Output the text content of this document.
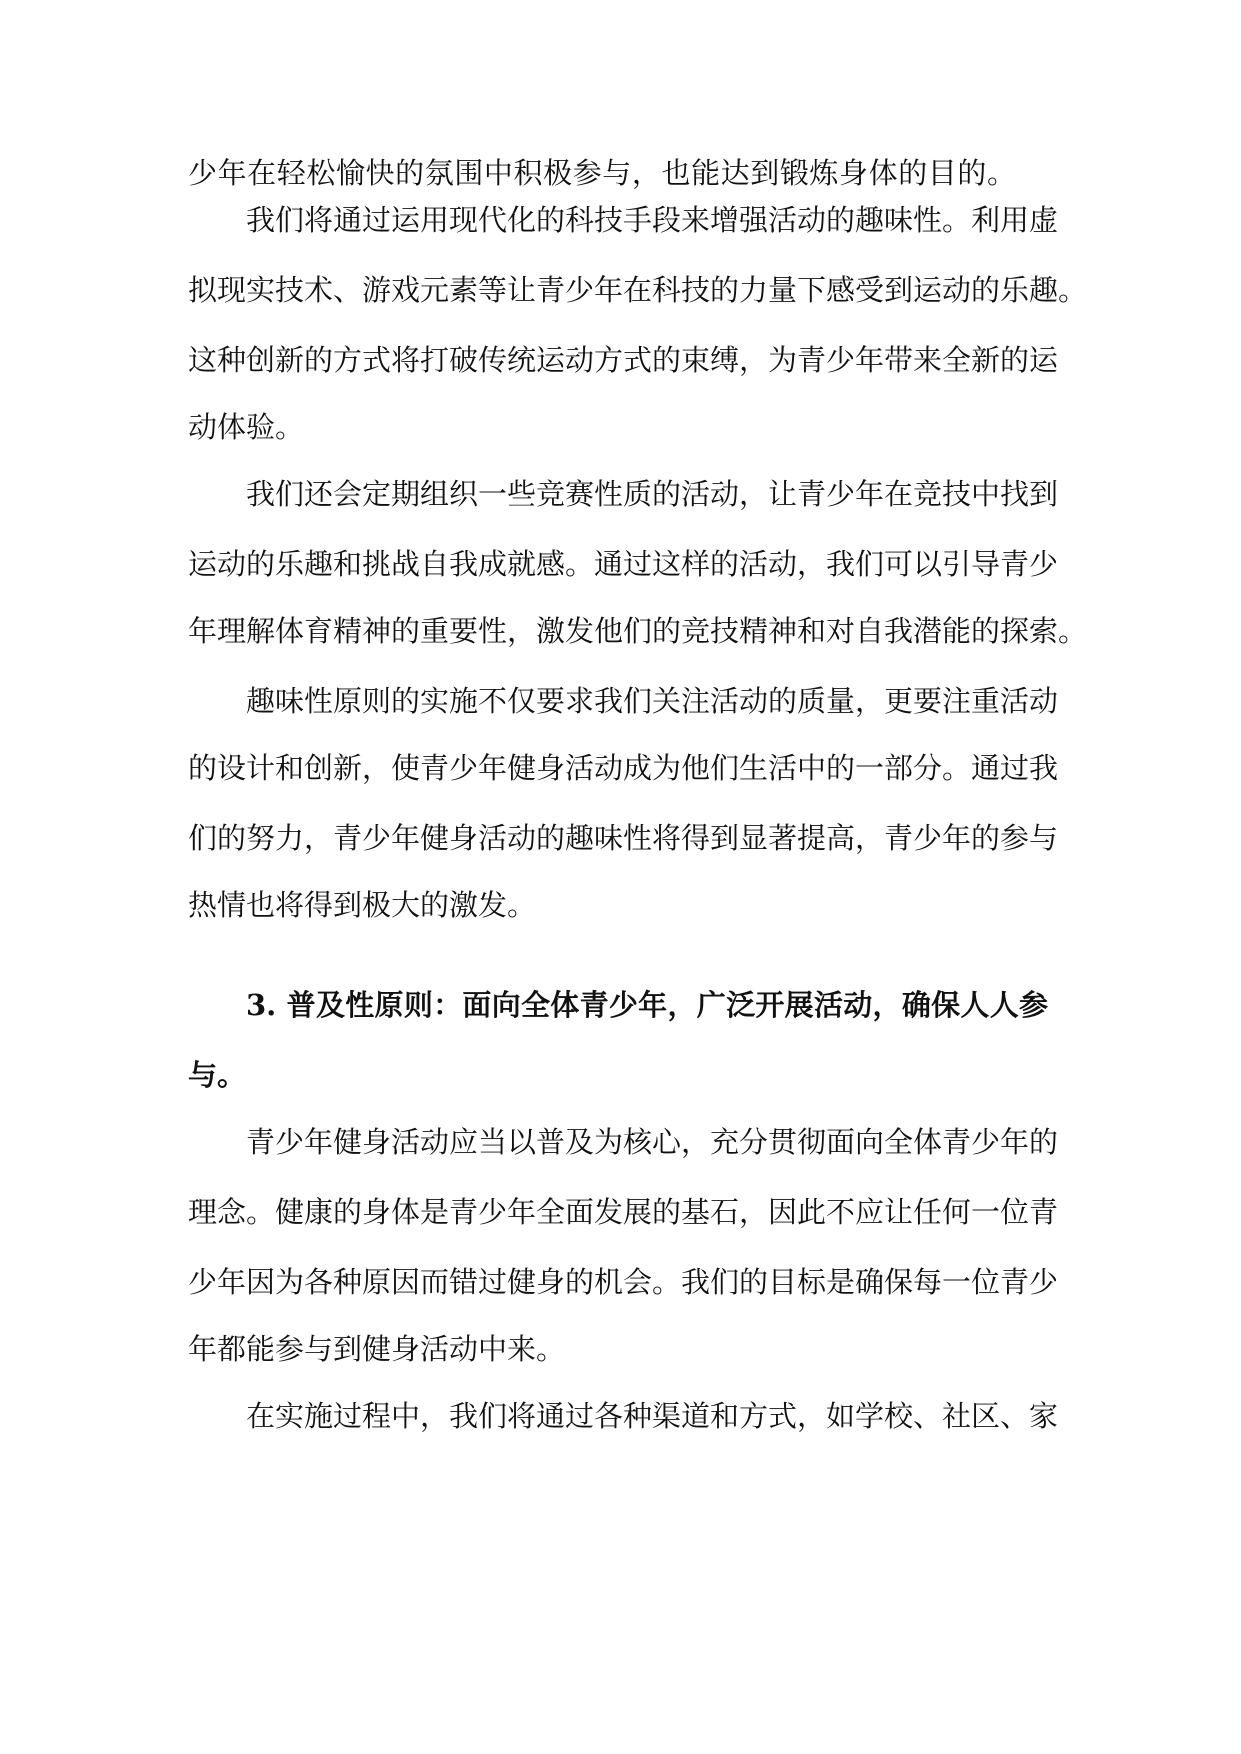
少年在轻松愉快的氛围中积极参与，也能达到锻炼身体的目的。

我们将通过运用现代化的科技手段来增强活动的趣味性。利用虚

拟现实技术、游戏元素等让青少年在科技的力量下感受到运动的乐趣。

这种创新的方式将打破传统运动方式的束缚，为青少年带来全新的运

动体验。

我们还会定期组织一些竞赛性质的活动，让青少年在竞技中找到

运动的乐趣和挑战自我成就感。通过这样的活动，我们可以引导青少

年理解体育精神的重要性，激发他们的竞技精神和对自我潜能的探索。

趣味性原则的实施不仅要求我们关注活动的质量，更要注重活动

的设计和创新，使青少年健身活动成为他们生活中的一部分。通过我

们的努力，青少年健身活动的趣味性将得到显著提高，青少年的参与

热情也将得到极大的激发。

3. 普及性原则：面向全体青少年，广泛开展活动，确保人人参

与。

青少年健身活动应当以普及为核心，充分贯彻面向全体青少年的

理念。健康的身体是青少年全面发展的基石，因此不应让任何一位青

少年因为各种原因而错过健身的机会。我们的目标是确保每一位青少

年都能参与到健身活动中来。

在实施过程中，我们将通过各种渠道和方式，如学校、社区、家
